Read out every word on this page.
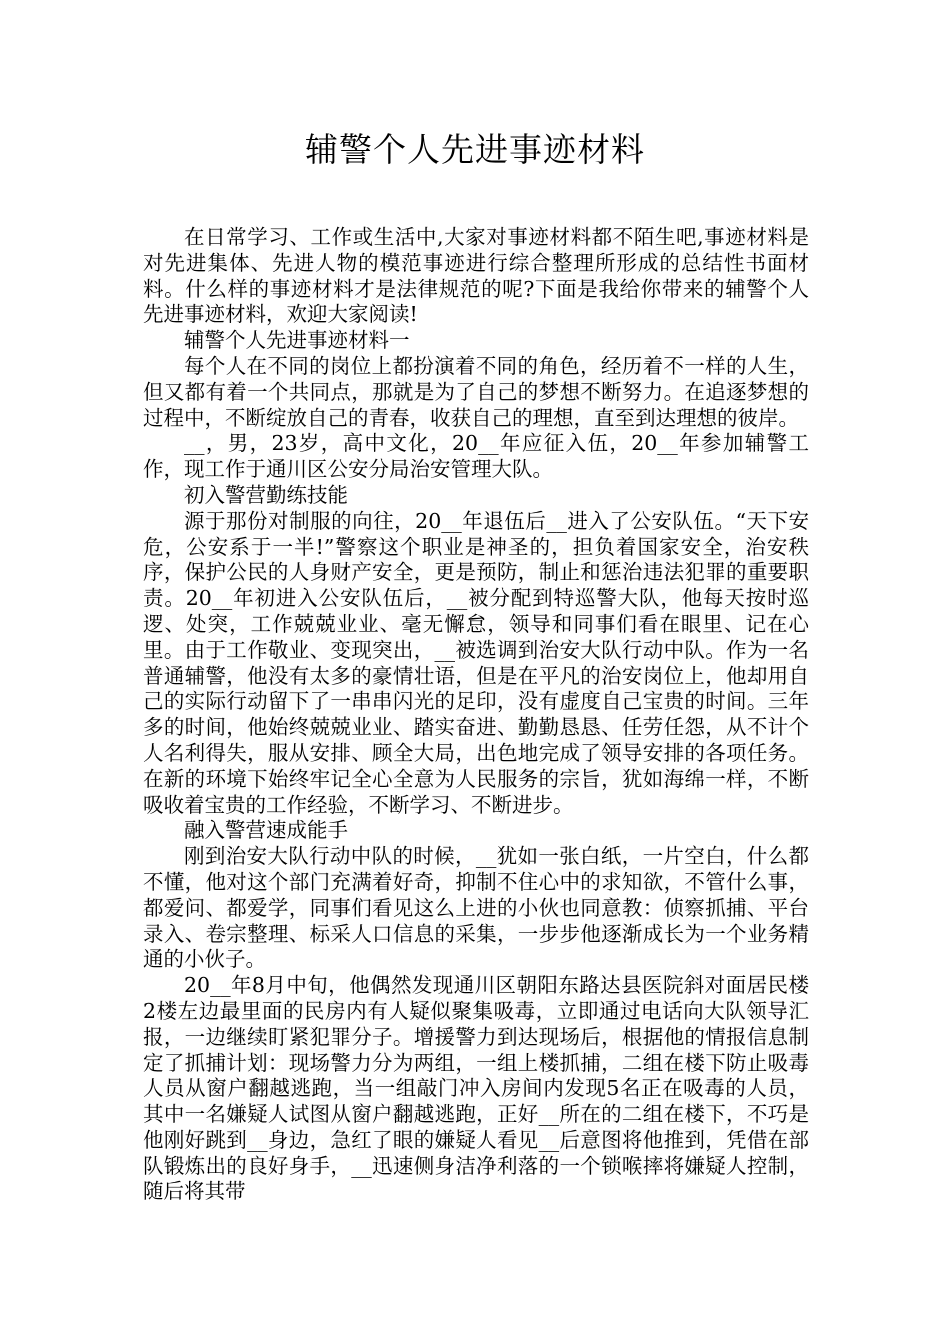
辅警个人先进事迹材料

在日常学习、工作或生活中,大家对事迹材料都不陌生吧,事迹材料是对先进集体、先进人物的模范事迹进行综合整理所形成的总结性书面材料。什么样的事迹材料才是法律规范的呢?下面是我给你带来的辅警个人先进事迹材料，欢迎大家阅读!

辅警个人先进事迹材料一

每个人在不同的岗位上都扮演着不同的角色，经历着不一样的人生，但又都有着一个共同点，那就是为了自己的梦想不断努力。在追逐梦想的过程中，不断绽放自己的青春，收获自己的理想，直至到达理想的彼岸。

__，男，23岁，高中文化，20__年应征入伍，20__年参加辅警工作，现工作于通川区公安分局治安管理大队。

初入警营勤练技能

源于那份对制服的向往，20__年退伍后__进入了公安队伍。“天下安危，公安系于一半!”警察这个职业是神圣的，担负着国家安全，治安秩序，保护公民的人身财产安全，更是预防，制止和惩治违法犯罪的重要职责。20__年初进入公安队伍后，__被分配到特巡警大队，他每天按时巡逻、处突，工作兢兢业业、毫无懈怠，领导和同事们看在眼里、记在心里。由于工作敬业、变现突出，__被选调到治安大队行动中队。作为一名普通辅警，他没有太多的豪情壮语，但是在平凡的治安岗位上，他却用自己的实际行动留下了一串串闪光的足印，没有虚度自己宝贵的时间。三年多的时间，他始终兢兢业业、踏实奋进、勤勤恳恳、任劳任怨，从不计个人名利得失，服从安排、顾全大局，出色地完成了领导安排的各项任务。在新的环境下始终牢记全心全意为人民服务的宗旨，犹如海绵一样，不断吸收着宝贵的工作经验，不断学习、不断进步。

融入警营速成能手

刚到治安大队行动中队的时候，__犹如一张白纸，一片空白，什么都不懂，他对这个部门充满着好奇，抑制不住心中的求知欲，不管什么事，都爱问、都爱学，同事们看见这么上进的小伙也同意教：侦察抓捕、平台录入、卷宗整理、标采人口信息的采集，一步步他逐渐成长为一个业务精通的小伙子。

20__年8月中旬，他偶然发现通川区朝阳东路达县医院斜对面居民楼2楼左边最里面的民房内有人疑似聚集吸毒，立即通过电话向大队领导汇报，一边继续盯紧犯罪分子。增援警力到达现场后，根据他的情报信息制定了抓捕计划：现场警力分为两组，一组上楼抓捕，二组在楼下防止吸毒人员从窗户翻越逃跑，当一组敲门冲入房间内发现5名正在吸毒的人员，其中一名嫌疑人试图从窗户翻越逃跑，正好__所在的二组在楼下，不巧是他刚好跳到__身边，急红了眼的嫌疑人看见__后意图将他推到，凭借在部队锻炼出的良好身手，__迅速侧身洁净利落的一个锁喉摔将嫌疑人控制，随后将其带
